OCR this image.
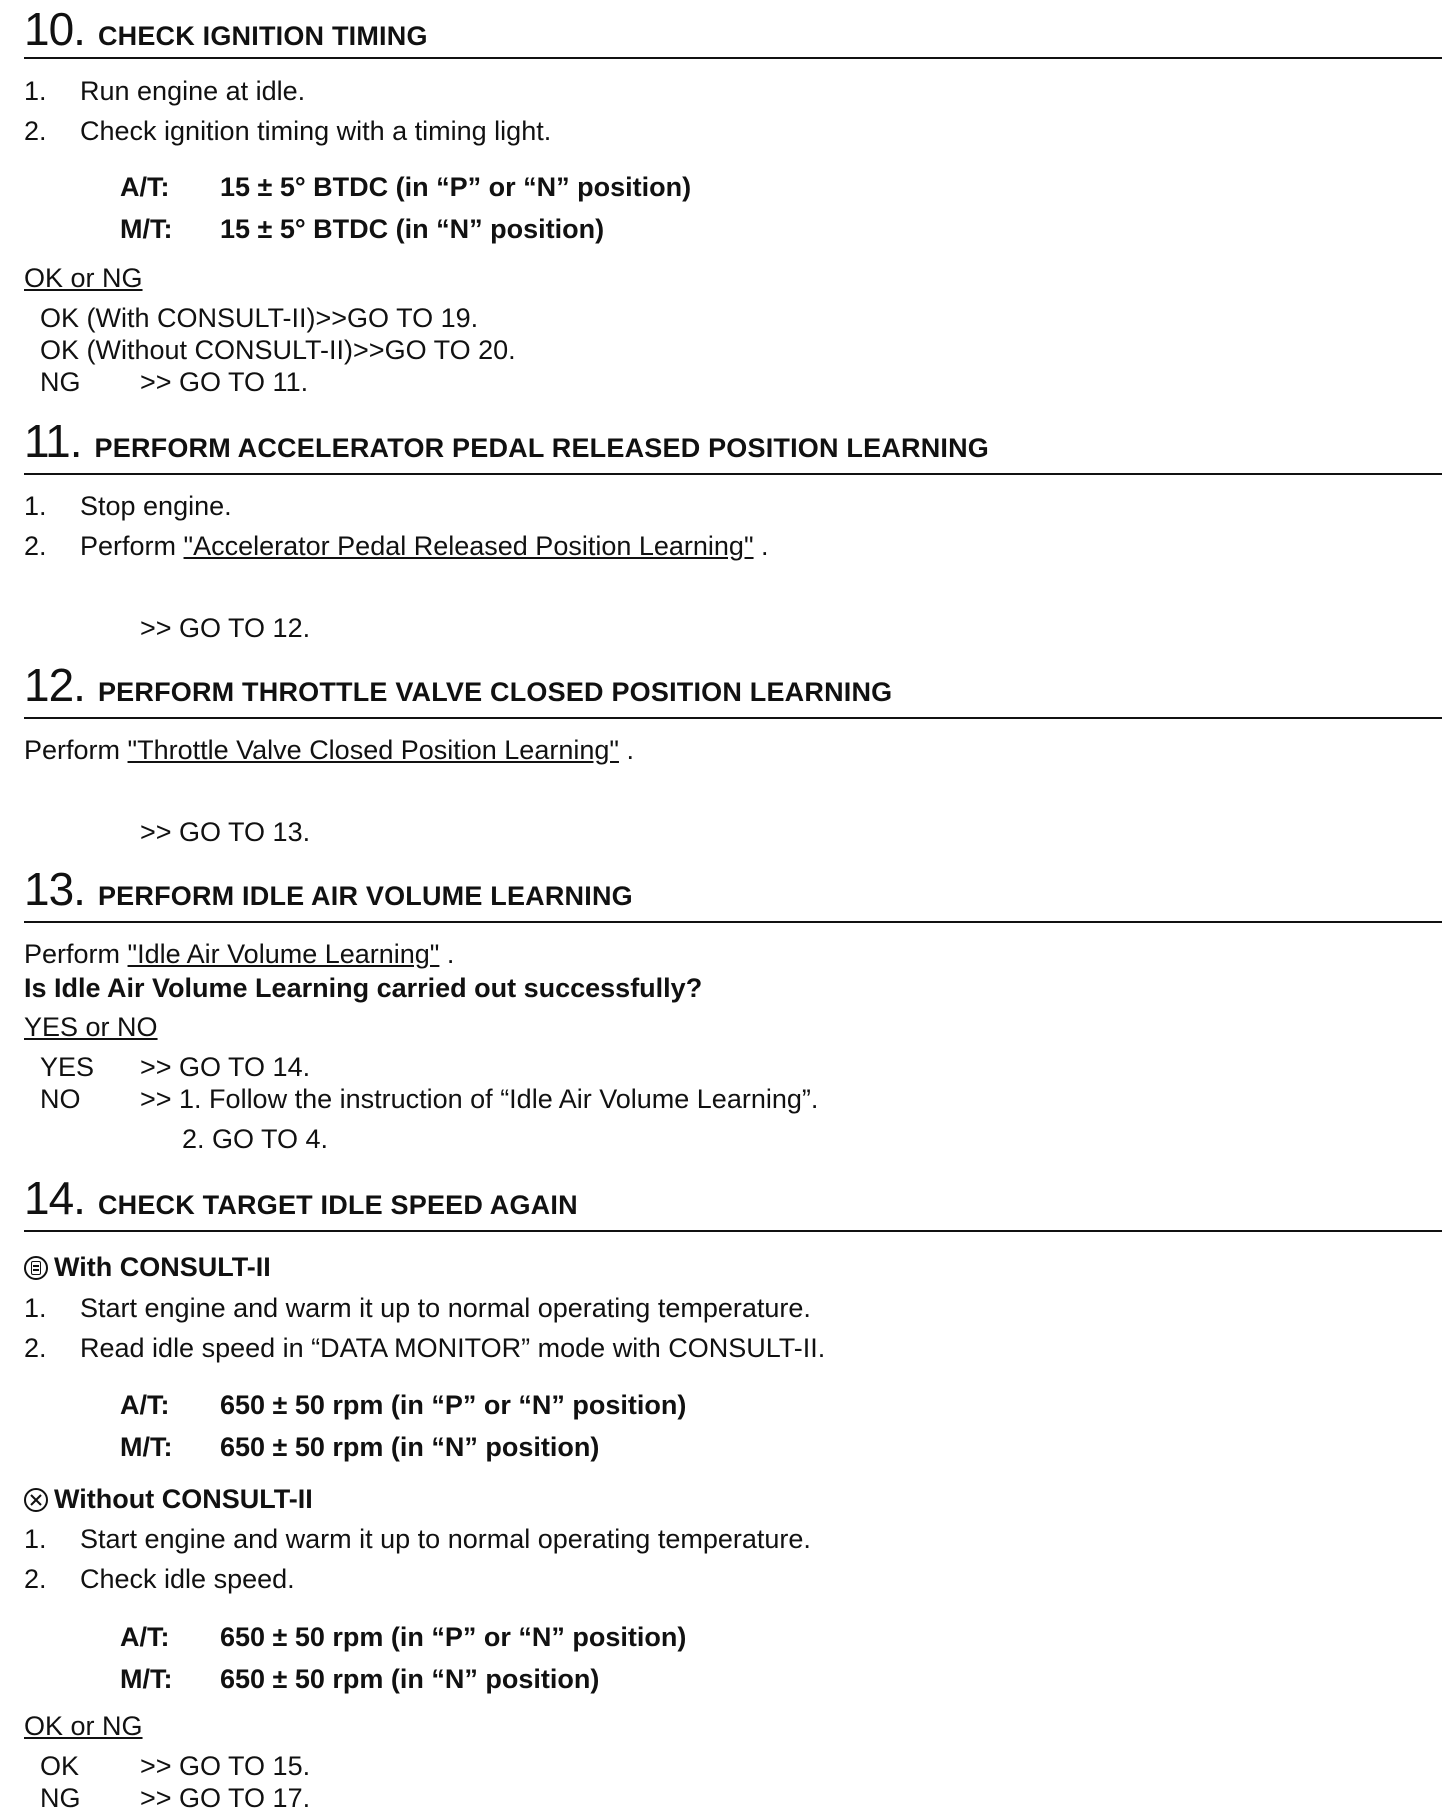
10. CHECK IGNITION TIMING
1. Run engine at idle.
2. Check ignition timing with a timing light.
A/T: 15 ± 5° BTDC (in “P” or “N” position)
M/T: 15 ± 5° BTDC (in “N” position)
OK or NG
OK (With CONSULT-II)>>GO TO 19.
OK (Without CONSULT-II)>>GO TO 20.
NG >> GO TO 11.
11. PERFORM ACCELERATOR PEDAL RELEASED POSITION LEARNING
1. Stop engine.
2. Perform "Accelerator Pedal Released Position Learning" .
>> GO TO 12.
12. PERFORM THROTTLE VALVE CLOSED POSITION LEARNING
Perform "Throttle Valve Closed Position Learning" .
>> GO TO 13.
13. PERFORM IDLE AIR VOLUME LEARNING
Perform "Idle Air Volume Learning" .
Is Idle Air Volume Learning carried out successfully?
YES or NO
YES >> GO TO 14.
NO >> 1. Follow the instruction of “Idle Air Volume Learning”.
2. GO TO 4.
14. CHECK TARGET IDLE SPEED AGAIN
With CONSULT-II
1. Start engine and warm it up to normal operating temperature.
2. Read idle speed in “DATA MONITOR” mode with CONSULT-II.
A/T: 650 ± 50 rpm (in “P” or “N” position)
M/T: 650 ± 50 rpm (in “N” position)
Without CONSULT-II
1. Start engine and warm it up to normal operating temperature.
2. Check idle speed.
A/T: 650 ± 50 rpm (in “P” or “N” position)
M/T: 650 ± 50 rpm (in “N” position)
OK or NG
OK >> GO TO 15.
NG >> GO TO 17.
